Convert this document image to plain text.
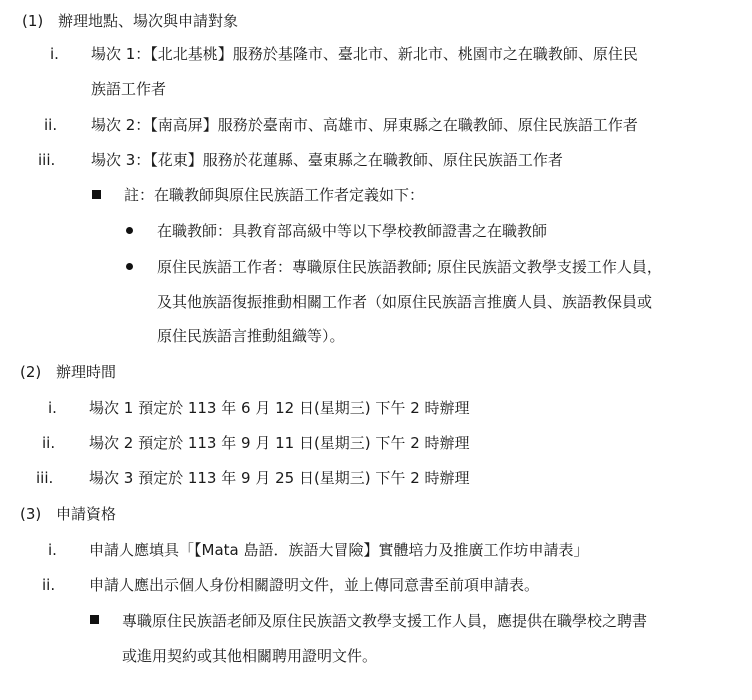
(1) 辦理地點、場次與申請對象
i. 場次 1：【北北基桃】服務於基隆市、臺北市、新北市、桃園市之在職教師、原住民
族語工作者
ii. 場次 2：【南高屏】服務於臺南市、高雄市、屏東縣之在職教師、原住民族語工作者
iii. 場次 3：【花東】服務於花蓮縣、臺東縣之在職教師、原住民族語工作者
註：在職教師與原住民族語工作者定義如下：
在職教師：具教育部高級中等以下學校教師證書之在職教師
原住民族語工作者：專職原住民族語教師; 原住民族語文教學支援工作人員，
及其他族語復振推動相關工作者（如原住民族語言推廣人員、族語教保員或
原住民族語言推動組織等）。
(2) 辦理時間
i. 場次 1 預定於 113 年 6 月 12 日(星期三) 下午 2 時辦理
ii. 場次 2 預定於 113 年 9 月 11 日(星期三) 下午 2 時辦理
iii. 場次 3 預定於 113 年 9 月 25 日(星期三) 下午 2 時辦理
(3) 申請資格
i. 申請人應填具「【Mata 島語．族語大冒險】實體培力及推廣工作坊申請表」
ii. 申請人應出示個人身份相關證明文件，並上傳同意書至前項申請表。
專職原住民族語老師及原住民族語文教學支援工作人員，應提供在職學校之聘書
或進用契約或其他相關聘用證明文件。
